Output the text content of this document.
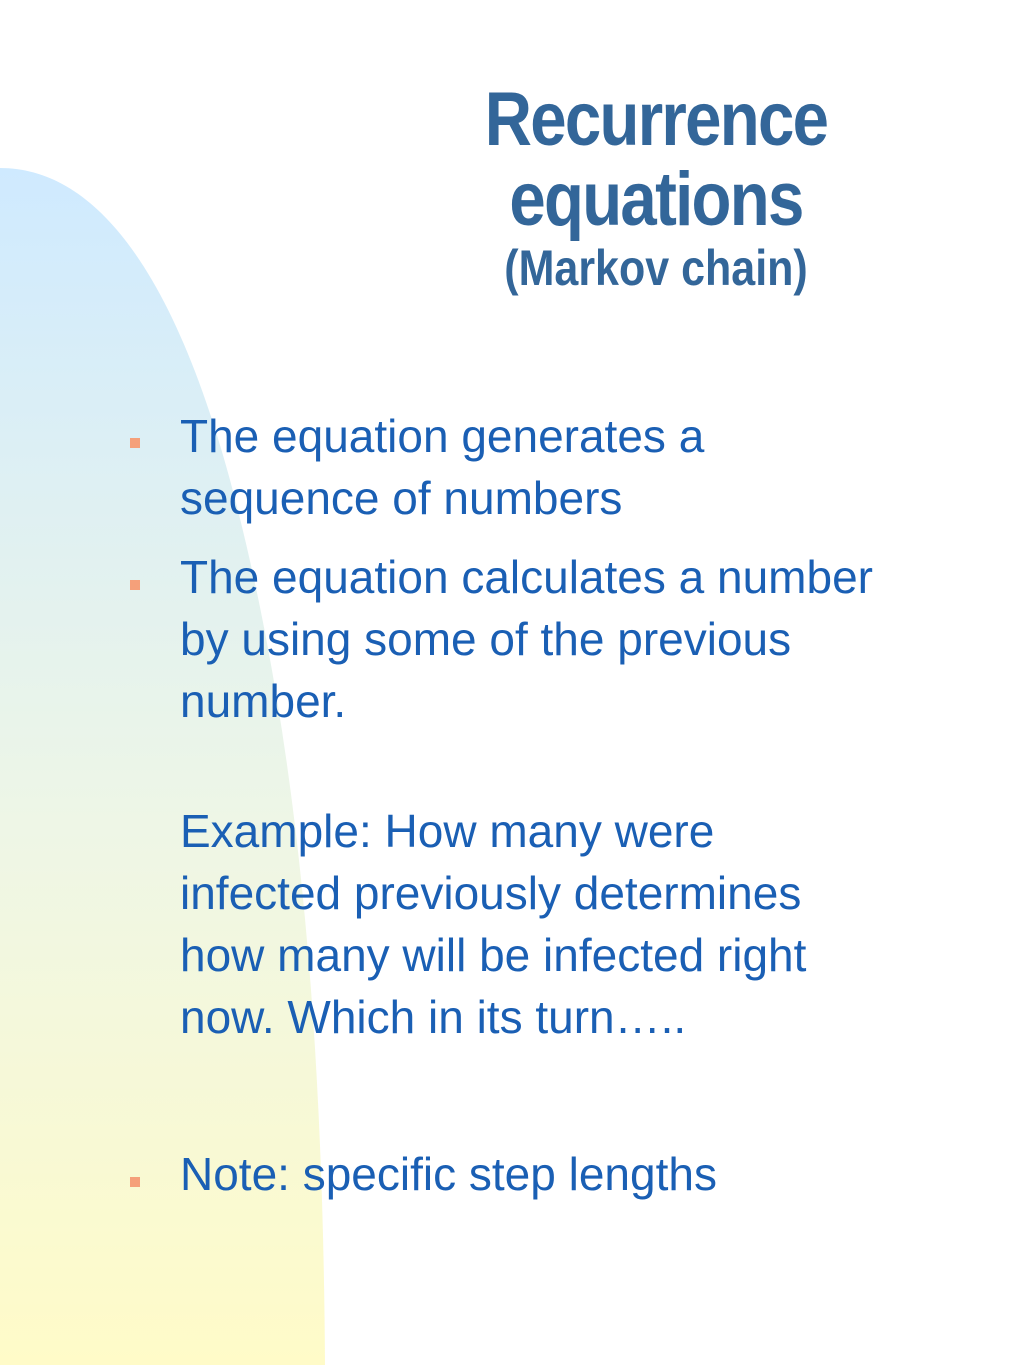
Recurrence
equations
(Markov chain)
The equation generates a
sequence of numbers
The equation calculates a number
by using some of the previous
number.
Example: How many were
infected previously determines
how many will be infected right
now. Which in its turn…..
Note: specific step lengths
